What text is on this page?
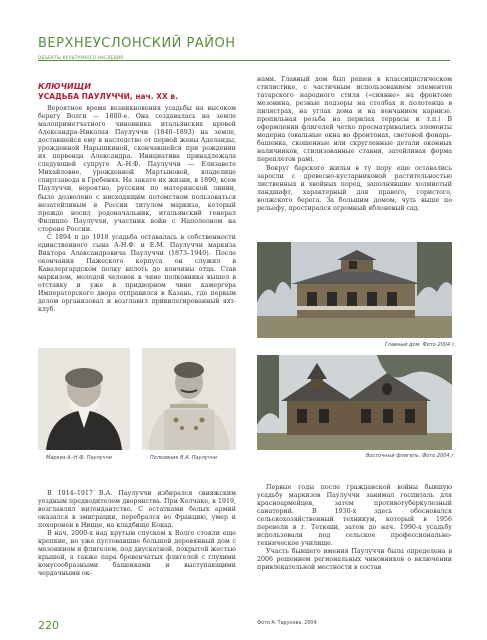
ВЕРХНЕУСЛОНСКИЙ РАЙОН
ОБЪЕКТЫ КУЛЬТУРНОГО НАСЛЕДИЯ
КЛЮЧИЩИ
УСАДЬБА ПАУЛУЧЧИ, нач. XX в.

Вероятное время возникновения усадьбы на высоком берегу Волги — 1880-е. Она создавалась на земле малоприметчатного чиновника итальянских кровей Александра-Николая Паулуччи (1840–1893) на земле, доставшейся ему в наследство от первой жены Аделаиды, урожденной Нарышкиной, скончавшейся при рождении их первенца Александра. Инициатива принадлежала следующей супруге А.-Н.Ф. Паулуччи — Елизавете Михайловне, урожденной Мартыновой, владелице спиртзавода в Гребенях. На закате их жизни, в 1890, всем Паулуччи, вероятно, русским по материнской линии, было дозволено с нисходящим потомством пользоваться незатейливым в России титулом маркиза, который прежде носил родоначальник, итальянский генерал Филиппо Паулуччи, участник войн с Наполеоном на стороне России.

С 1894 п до 1918 усадьба оставалась в собственности единственного сына А-Н.Ф. и Е.М. Паулуччи маркиза Виктора Александровича Паулуччи (1873–1940). После окончания Пажеского корпуса он служил в Кавалергардском полку вплоть до кончины отца. Став маркизом, молодой человек в чине полковника вышел в отставку и уже в придворном чине камергера Императорского двора отправился в Казань, где первым делом организовал и возглавил привилегированный яхт-клуб.

Маркиз А.-Н.Ф. Паулуччи	Полковник В.А. Паулуччи

В 1914–1917 В.А. Паулуччи избирался свияжским уездным предводителем дворянства. При Колчаке, в 1919, возглавлял интендантство. С остатками белых армий оказался в эмиграции, перебрался во Францию, умер и похоронен в Ницце, на кладбище Кокад.

В нач. 2000-х над крутым спуском к Волге стояли еще крепкие, но уже пустовавшие большой деревянный дом с мезонином и флигелем, под двускатной, покрытой жестью крышей, а также пара бревенчатых флигелей с глухими конусообразными башенками и выступающими чердачными ок-

нами. Главный дом был решен в классицистическом стилистике, с частичным использованием элементов татарского народного стиля («сиянне» на фронтоне мезонина, резные подзоры на столбах и полотенца в пилястрах, на углах дома и на венчанием карнизе, пропильная резьба на перилах террасы и т.п.) В оформлении флигелей четко просматривались элементы модерна (овальные окна во фронтонах, световой фонарь-башенка, скошенные или скругленные детали оконных наличников, стилизованные ставни, затейливая форма переплетов рам).

Вокруг барского жилья в ту пору еще оставались заросли с древесно-кустарниковой растительностью лиственных и хвойных пород, заполнявшие холмистый ландшафт, характерный для правого, гористого, волжского берега. За большим домом, чуть выше по рельефу, простирался огромный яблоневый сад.

Главный дом. Фото 2004 г.
Восточный флигель. Фото 2004 г.

Первые годы после гражданской войны бывшую усадьбу маркизов Паулуччи занимал госпиталь для красноармейцев, затем противотуберкулезный санаторий. В 1930-х здесь обосновался сельскохозяйственный техникум, который в 1956 перевели в г. Тетюши, затем до нач. 1990-х усадьбу использовали под сельское профессионально-техническое училище.

Участь бывшего имения Паулуччи была определена в 2006 решением региональных чиновников о включении привлекательной местности в состав

220	Фото А. Тарунова, 2004
